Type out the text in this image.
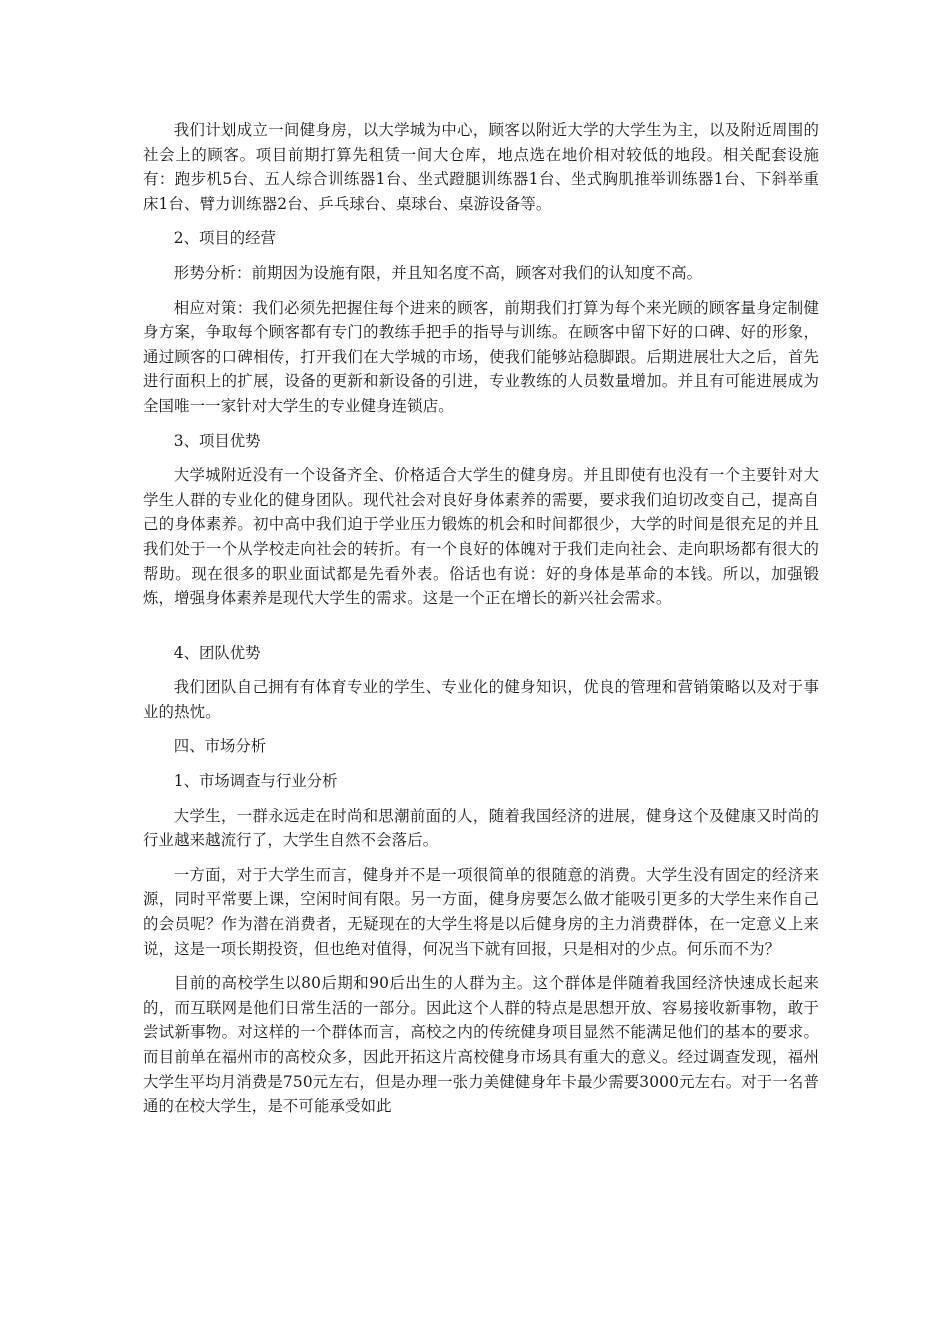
我们计划成立一间健身房，以大学城为中心，顾客以附近大学的大学生为主，以及附近周围的社会上的顾客。项目前期打算先租赁一间大仓库，地点选在地价相对较低的地段。相关配套设施有：跑步机5台、五人综合训练器1台、坐式蹬腿训练器1台、坐式胸肌推举训练器1台、下斜举重床1台、臂力训练器2台、乒乓球台、桌球台、桌游设备等。

2、项目的经营

形势分析：前期因为设施有限，并且知名度不高，顾客对我们的认知度不高。

相应对策：我们必须先把握住每个进来的顾客，前期我们打算为每个来光顾的顾客量身定制健身方案，争取每个顾客都有专门的教练手把手的指导与训练。在顾客中留下好的口碑、好的形象，通过顾客的口碑相传，打开我们在大学城的市场，使我们能够站稳脚跟。后期进展壮大之后，首先进行面积上的扩展，设备的更新和新设备的引进，专业教练的人员数量增加。并且有可能进展成为全国唯一一家针对大学生的专业健身连锁店。

3、项目优势

大学城附近没有一个设备齐全、价格适合大学生的健身房。并且即使有也没有一个主要针对大学生人群的专业化的健身团队。现代社会对良好身体素养的需要，要求我们迫切改变自己，提高自己的身体素养。初中高中我们迫于学业压力锻炼的机会和时间都很少，大学的时间是很充足的并且我们处于一个从学校走向社会的转折。有一个良好的体魄对于我们走向社会、走向职场都有很大的帮助。现在很多的职业面试都是先看外表。俗话也有说：好的身体是革命的本钱。所以，加强锻炼，增强身体素养是现代大学生的需求。这是一个正在增长的新兴社会需求。

4、团队优势

我们团队自己拥有有体育专业的学生、专业化的健身知识，优良的管理和营销策略以及对于事业的热忱。

四、市场分析

1、市场调查与行业分析

大学生，一群永远走在时尚和思潮前面的人，随着我国经济的进展，健身这个及健康又时尚的行业越来越流行了，大学生自然不会落后。

一方面，对于大学生而言，健身并不是一项很简单的很随意的消费。大学生没有固定的经济来源，同时平常要上课，空闲时间有限。另一方面，健身房要怎么做才能吸引更多的大学生来作自己的会员呢？作为潜在消费者，无疑现在的大学生将是以后健身房的主力消费群体，在一定意义上来说，这是一项长期投资，但也绝对值得，何况当下就有回报，只是相对的少点。何乐而不为？

目前的高校学生以80后期和90后出生的人群为主。这个群体是伴随着我国经济快速成长起来的，而互联网是他们日常生活的一部分。因此这个人群的特点是思想开放、容易接收新事物，敢于尝试新事物。对这样的一个群体而言，高校之内的传统健身项目显然不能满足他们的基本的要求。而目前单在福州市的高校众多，因此开拓这片高校健身市场具有重大的意义。经过调查发现，福州大学生平均月消费是750元左右，但是办理一张力美健健身年卡最少需要3000元左右。对于一名普通的在校大学生，是不可能承受如此
